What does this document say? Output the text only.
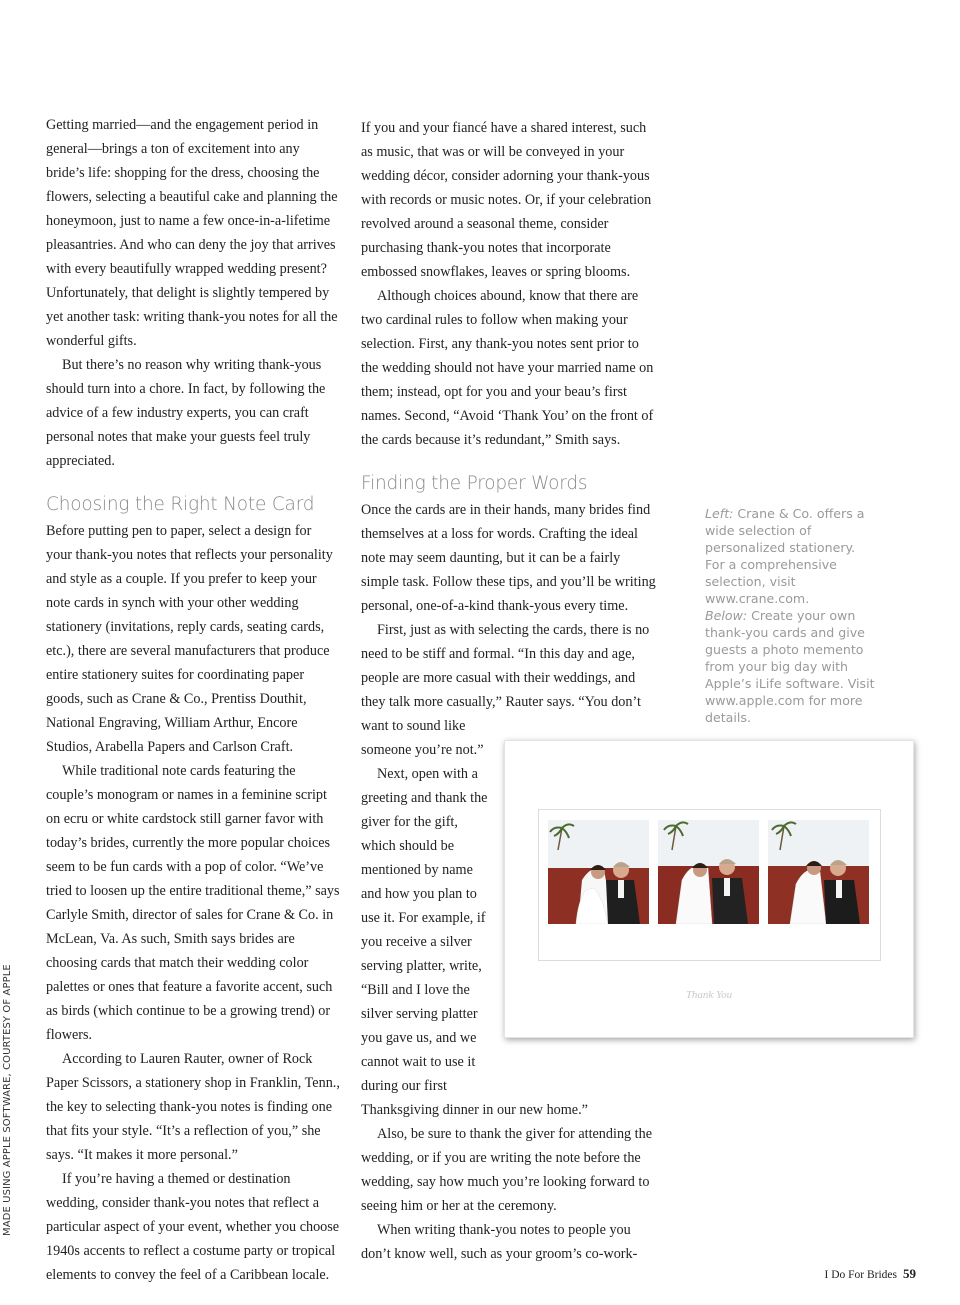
Getting married—and the engagement period in general—brings a ton of excitement into any bride’s life: shopping for the dress, choosing the flowers, selecting a beautiful cake and planning the honeymoon, just to name a few once-in-a-lifetime pleasantries. And who can deny the joy that arrives with every beautifully wrapped wedding present? Unfortunately, that delight is slightly tempered by yet another task: writing thank-you notes for all the wonderful gifts.

But there’s no reason why writing thank-yous should turn into a chore. In fact, by following the advice of a few industry experts, you can craft personal notes that make your guests feel truly appreciated.

Choosing the Right Note Card

Before putting pen to paper, select a design for your thank-you notes that reflects your personality and style as a couple. If you prefer to keep your note cards in synch with your other wedding stationery (invitations, reply cards, seating cards, etc.), there are several manufacturers that produce entire stationery suites for coordinating paper goods, such as Crane & Co., Prentiss Douthit, National Engraving, William Arthur, Encore Studios, Arabella Papers and Carlson Craft.

While traditional note cards featuring the couple’s monogram or names in a feminine script on ecru or white cardstock still garner favor with today’s brides, currently the more popular choices seem to be fun cards with a pop of color. “We’ve tried to loosen up the entire traditional theme,” says Carlyle Smith, director of sales for Crane & Co. in McLean, Va. As such, Smith says brides are choosing cards that match their wedding color palettes or ones that feature a favorite accent, such as birds (which continue to be a growing trend) or flowers.

According to Lauren Rauter, owner of Rock Paper Scissors, a stationery shop in Franklin, Tenn., the key to selecting thank-you notes is finding one that fits your style. “It’s a reflection of you,” she says. “It makes it more personal.”

If you’re having a themed or destination wedding, consider thank-you notes that reflect a particular aspect of your event, whether you choose 1940s accents to reflect a costume party or tropical elements to convey the feel of a Caribbean locale.

If you and your fiancé have a shared interest, such as music, that was or will be conveyed in your wedding décor, consider adorning your thank-yous with records or music notes. Or, if your celebration revolved around a seasonal theme, consider purchasing thank-you notes that incorporate embossed snowflakes, leaves or spring blooms.

Although choices abound, know that there are two cardinal rules to follow when making your selection. First, any thank-you notes sent prior to the wedding should not have your married name on them; instead, opt for you and your beau’s first names. Second, “Avoid ‘Thank You’ on the front of the cards because it’s redundant,” Smith says.

Finding the Proper Words

Once the cards are in their hands, many brides find themselves at a loss for words. Crafting the ideal note may seem daunting, but it can be a fairly simple task. Follow these tips, and you’ll be writing personal, one-of-a-kind thank-yous every time.

First, just as with selecting the cards, there is no need to be stiff and formal. “In this day and age, people are more casual with their weddings, and they talk more casually,” Rauter says. “You don’t want to sound like

someone you’re not.”

Next, open with a greeting and thank the giver for the gift, which should be mentioned by name and how you plan to use it. For example, if you receive a silver serving platter, write, “Bill and I love the silver serving platter you gave us, and we cannot wait to use it during our first

Thanksgiving dinner in our new home.”

Also, be sure to thank the giver for attending the wedding, or if you are writing the note before the wedding, say how much you’re looking forward to seeing him or her at the ceremony.

When writing thank-you notes to people you don’t know well, such as your groom’s co-work-

Left: Crane & Co. offers a wide selection of personalized stationery. For a comprehensive selection, visit www.crane.com.

Below: Create your own thank-you cards and give guests a photo memento from your big day with Apple’s iLife software. Visit www.apple.com for more details.

Thank You
MADE USING APPLE SOFTWARE, COURTESY OF APPLE
I Do For Brides 59
